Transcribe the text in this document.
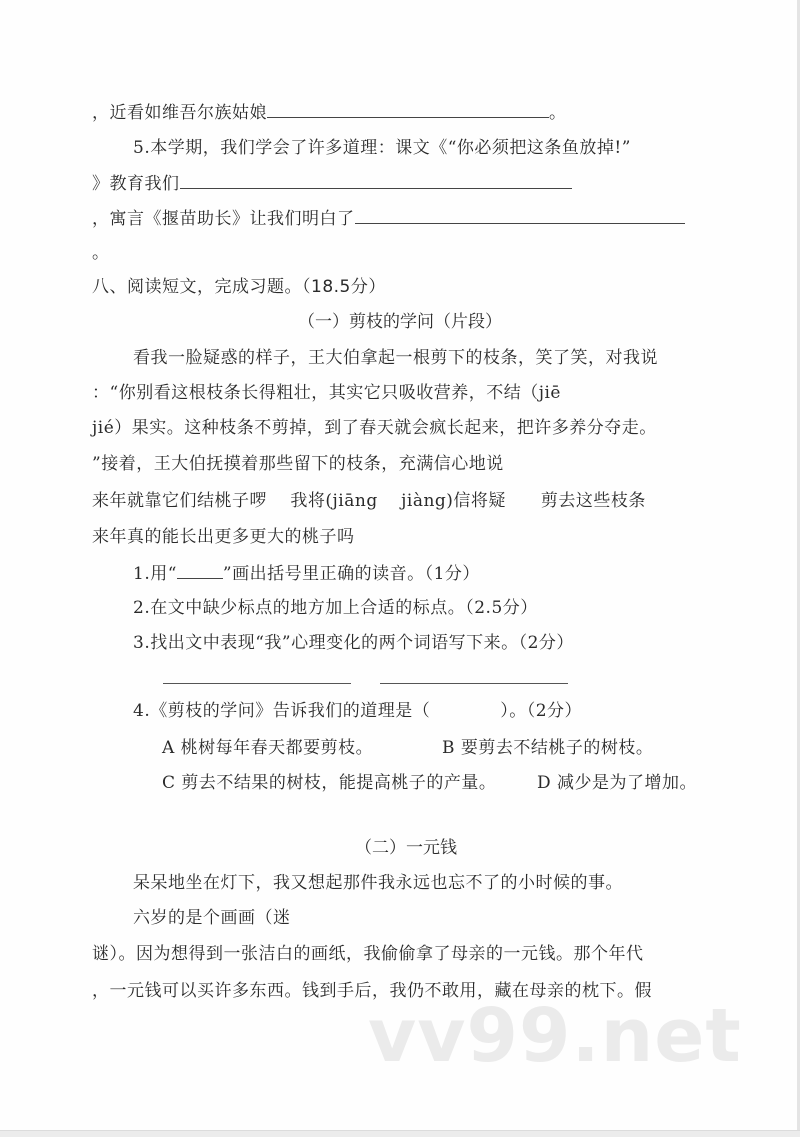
，近看如维吾尔族姑娘	。
5.本学期，我们学会了许多道理：课文《“你必须把这条鱼放掉!”
》教育我们
，寓言《揠苗助长》让我们明白了
。
八、阅读短文，完成习题。（18.5分）
（一）剪枝的学问（片段）
看我一脸疑惑的样子，王大伯拿起一根剪下的枝条，笑了笑，对我说
：“你别看这根枝条长得粗壮，其实它只吸收营养，不结（jiē
jié）果实。这种枝条不剪掉，到了春天就会疯长起来，把许多养分夺走。
”接着，王大伯抚摸着那些留下的枝条，充满信心地说
来年就靠它们结桃子啰　 我将(jiāng　 jiàng)信将疑　　剪去这些枝条
来年真的能长出更多更大的桃子吗
1.用“	”画出括号里正确的读音。（1分）
2.在文中缺少标点的地方加上合适的标点。（2.5分）
3.找出文中表现“我”心理变化的两个词语写下来。（2分）
4.《剪枝的学问》告诉我们的道理是（　　　　）。（2分）
A 桃树每年春天都要剪枝。	B 要剪去不结桃子的树枝。
C 剪去不结果的树枝，能提高桃子的产量。 D 减少是为了增加。
（二）一元钱
呆呆地坐在灯下，我又想起那件我永远也忘不了的小时候的事。
六岁的是个画画（迷
谜）。因为想得到一张洁白的画纸，我偷偷拿了母亲的一元钱。那个年代
，一元钱可以买许多东西。钱到手后，我仍不敢用，藏在母亲的枕下。假
vv99.net
